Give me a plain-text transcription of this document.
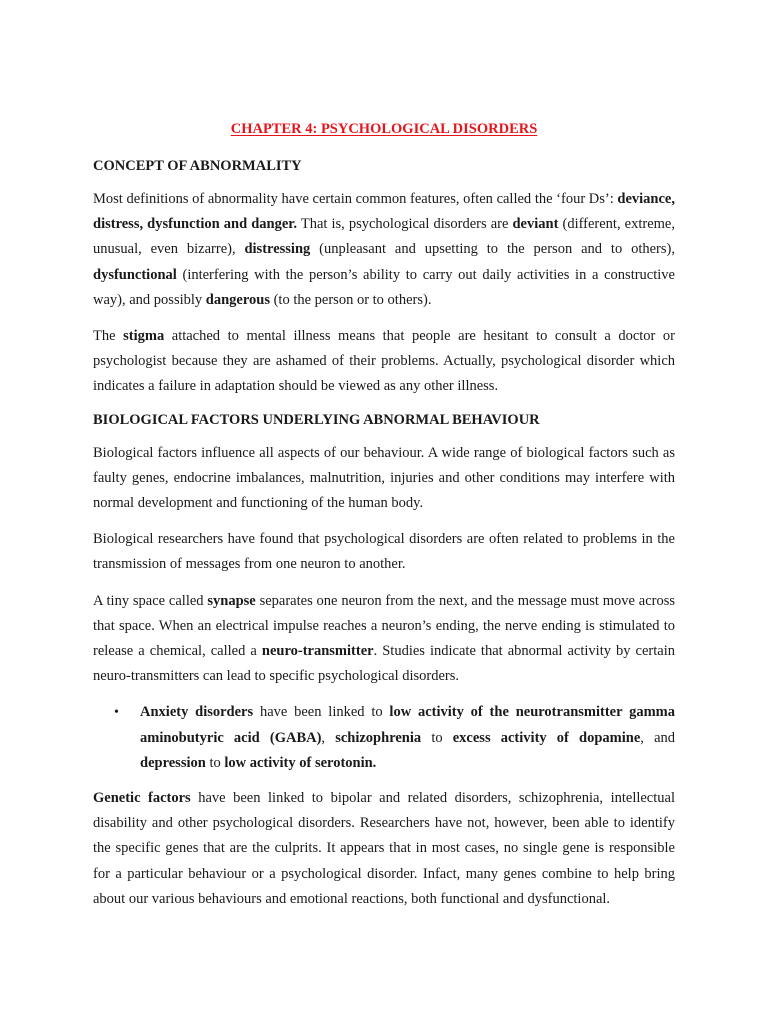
CHAPTER 4: PSYCHOLOGICAL DISORDERS
CONCEPT OF ABNORMALITY

Most definitions of abnormality have certain common features, often called the ‘four Ds’: deviance, distress, dysfunction and danger. That is, psychological disorders are deviant (different, extreme, unusual, even bizarre), distressing (unpleasant and upsetting to the person and to others), dysfunctional (interfering with the person’s ability to carry out daily activities in a constructive way), and possibly dangerous (to the person or to others).

The stigma attached to mental illness means that people are hesitant to consult a doctor or psychologist because they are ashamed of their problems. Actually, psychological disorder which indicates a failure in adaptation should be viewed as any other illness.

BIOLOGICAL FACTORS UNDERLYING ABNORMAL BEHAVIOUR

Biological factors influence all aspects of our behaviour. A wide range of biological factors such as faulty genes, endocrine imbalances, malnutrition, injuries and other conditions may interfere with normal development and functioning of the human body.

Biological researchers have found that psychological disorders are often related to problems in the transmission of messages from one neuron to another.

A tiny space called synapse separates one neuron from the next, and the message must move across that space. When an electrical impulse reaches a neuron’s ending, the nerve ending is stimulated to release a chemical, called a neuro-transmitter. Studies indicate that abnormal activity by certain neuro-transmitters can lead to specific psychological disorders.

• Anxiety disorders have been linked to low activity of the neurotransmitter gamma aminobutyric acid (GABA), schizophrenia to excess activity of dopamine, and depression to low activity of serotonin.

Genetic factors have been linked to bipolar and related disorders, schizophrenia, intellectual disability and other psychological disorders. Researchers have not, however, been able to identify the specific genes that are the culprits. It appears that in most cases, no single gene is responsible for a particular behaviour or a psychological disorder. Infact, many genes combine to help bring about our various behaviours and emotional reactions, both functional and dysfunctional.
